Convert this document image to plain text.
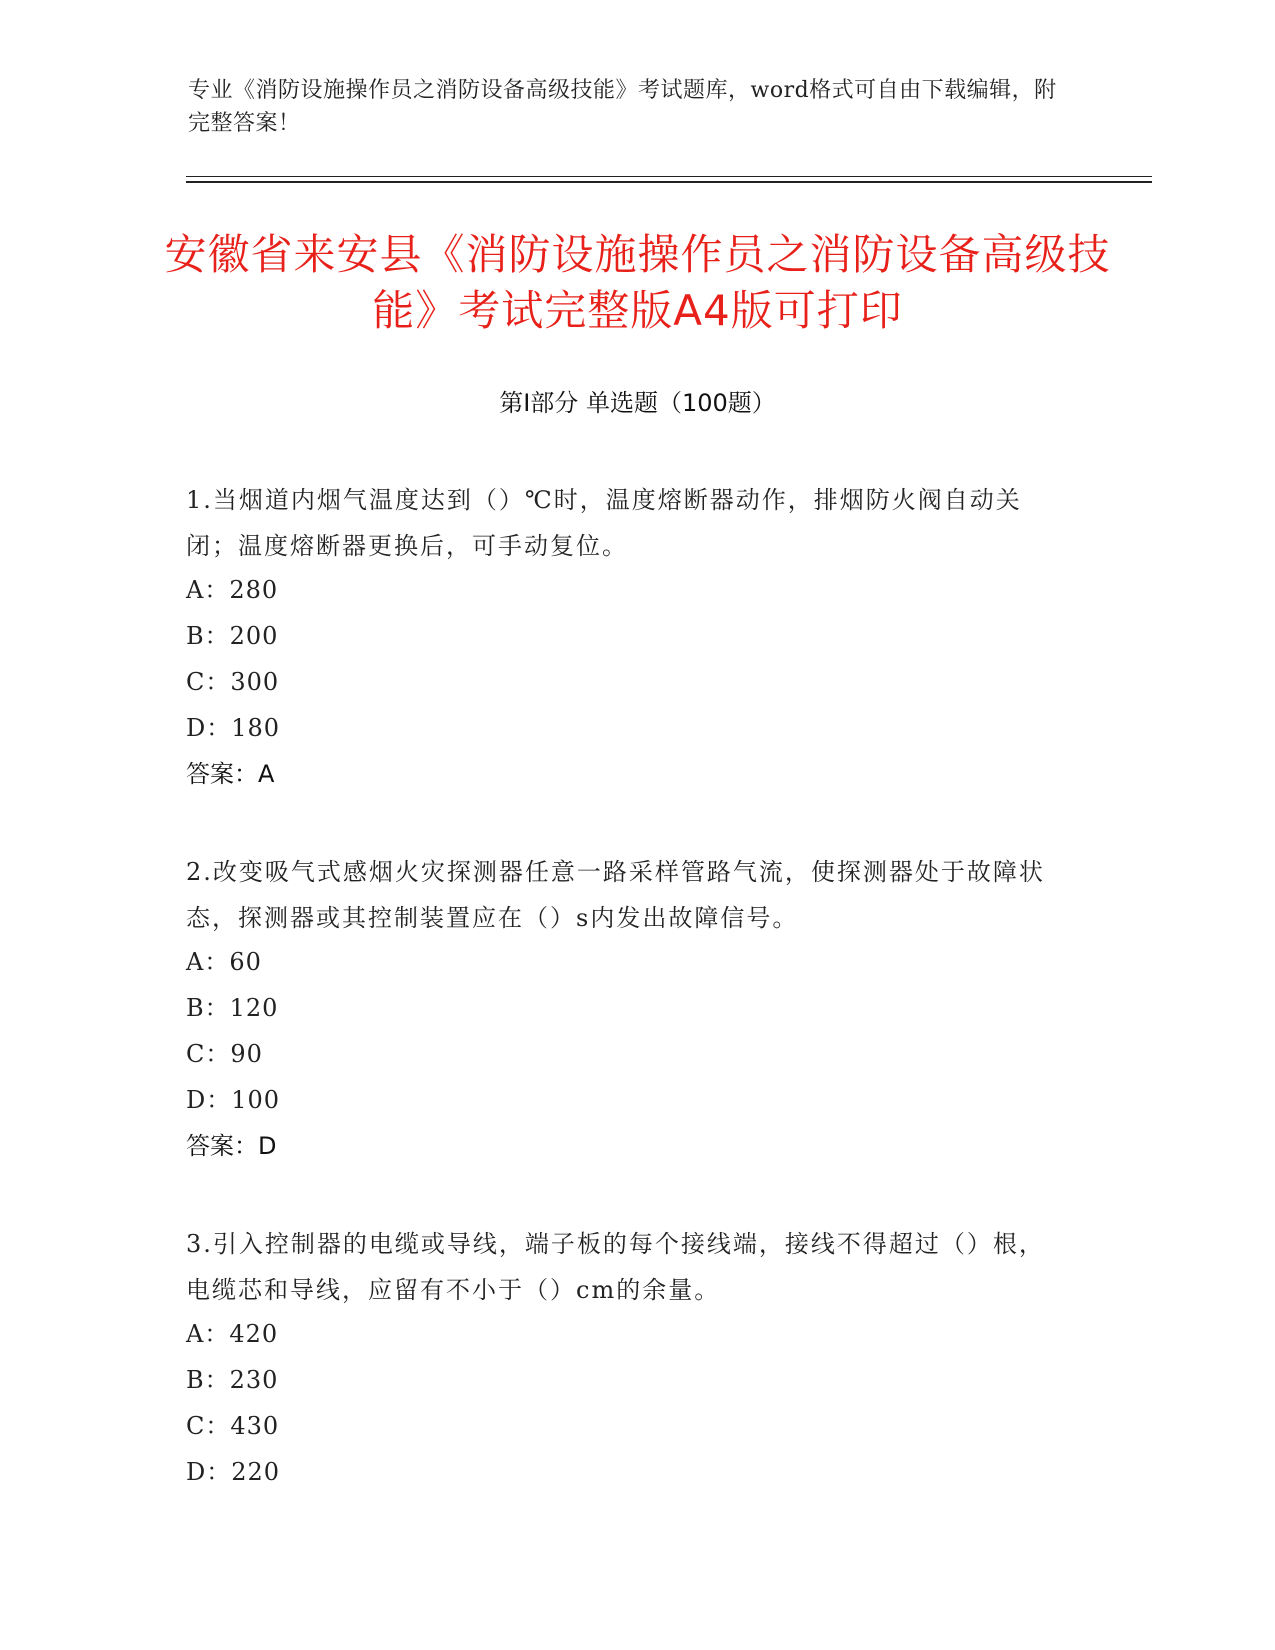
专业《消防设施操作员之消防设备高级技能》考试题库，word格式可自由下载编辑，附完整答案！
安徽省来安县《消防设施操作员之消防设备高级技能》考试完整版A4版可打印
第I部分 单选题（100题）
1.当烟道内烟气温度达到（）℃时，温度熔断器动作，排烟防火阀自动关闭；温度熔断器更换后，可手动复位。
A：280
B：200
C：300
D：180
答案：A
2.改变吸气式感烟火灾探测器任意一路采样管路气流，使探测器处于故障状态，探测器或其控制装置应在（）s内发出故障信号。
A：60
B：120
C：90
D：100
答案：D
3.引入控制器的电缆或导线，端子板的每个接线端，接线不得超过（）根，电缆芯和导线，应留有不小于（）cm的余量。
A：420
B：230
C：430
D：220
